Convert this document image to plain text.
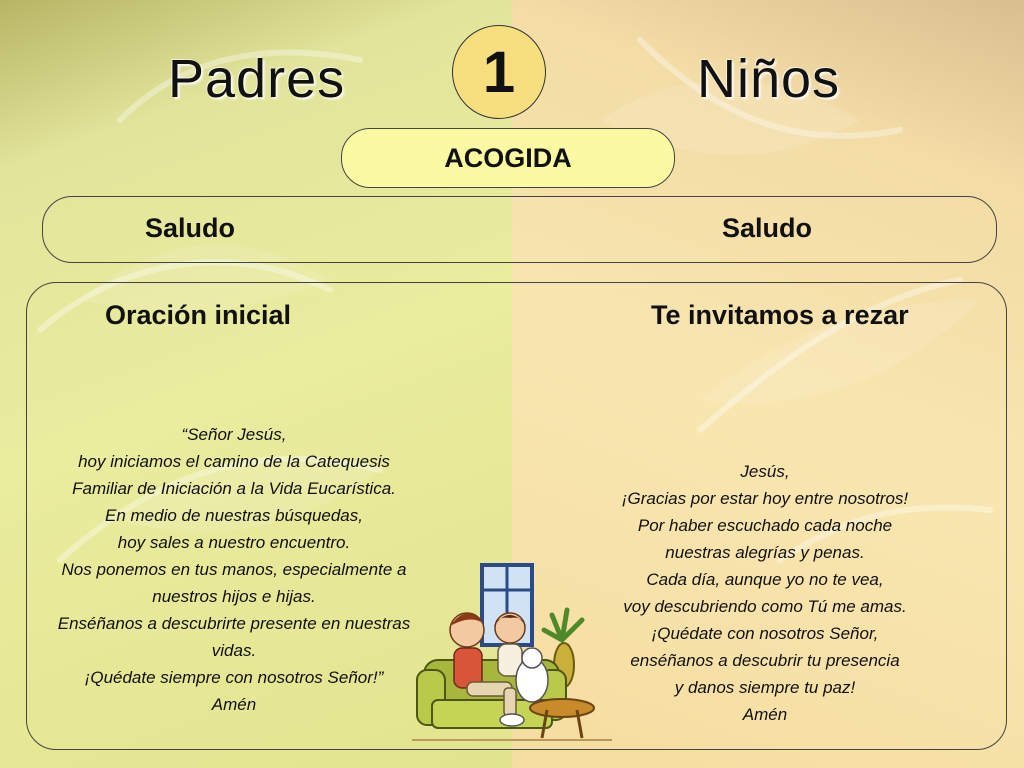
Padres	Niños
1
ACOGIDA
Saludo	Saludo
Oración inicial	Te invitamos a rezar
“Señor Jesús,
hoy iniciamos el camino de la Catequesis
Familiar de Iniciación a la Vida Eucarística.
En medio de nuestras búsquedas,
hoy sales a nuestro encuentro.
Nos ponemos en tus manos, especialmente a
nuestros hijos e hijas.
Enséñanos a descubrirte presente en nuestras
vidas.
¡Quédate siempre con nosotros Señor!”
Amén
Jesús,
¡Gracias por estar hoy entre nosotros!
Por haber escuchado cada noche
nuestras alegrías y penas.
Cada día, aunque yo no te vea,
voy descubriendo como Tú me amas.
¡Quédate con nosotros Señor,
enséñanos a descubrir tu presencia
y danos siempre tu paz!
Amén
